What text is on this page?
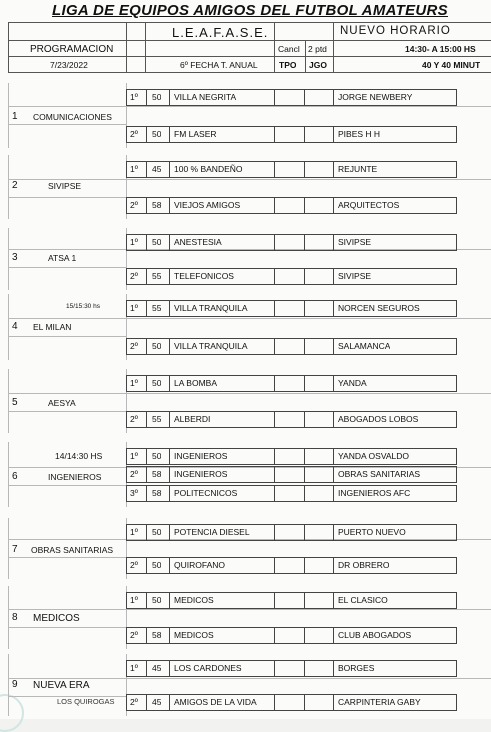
LIGA DE EQUIPOS AMIGOS DEL FUTBOL AMATEURS
PROGRAMACION
7/23/2022
L.E.A.F.A.S.E.
6º FECHA T. ANUAL
Cancl 2 ptd
TPO JGO
NUEVO HORARIO
14:30- A 15:00 HS
40 Y 40 MINUT
1 COMUNICACIONES
1º 50 VILLA NEGRITA	JORGE NEWBERY
2º 50 FM LASER	PIBES H H
2	SIVIPSE
1º 45 100 % BANDEÑO	REJUNTE
2º 58 VIEJOS AMIGOS	ARQUITECTOS
3	ATSA 1
1º 50 ANESTESIA	SIVIPSE
2º 55 TELEFONICOS	SIVIPSE
4 EL MILAN
15/15:30 hs	1º 55 VILLA TRANQUILA	NORCEN SEGUROS
2º 50 VILLA TRANQUILA	SALAMANCA
5	AESYA
1º 50 LA BOMBA	YANDA
2º 55 ALBERDI	ABOGADOS LOBOS
6	INGENIEROS
14/14:30 HS	1º 50 INGENIEROS	YANDA OSVALDO
2º 58 INGENIEROS	OBRAS SANITARIAS
3º 58 POLITECNICOS	INGENIEROS AFC
7 OBRAS SANITARIAS
1º 50 POTENCIA DIESEL	PUERTO NUEVO
2º 50 QUIROFANO	DR OBRERO
8 MEDICOS
1º 50 MEDICOS	EL CLASICO
2º 58 MEDICOS	CLUB ABOGADOS
9 NUEVA ERA
LOS QUIROGAS
1º 45 LOS CARDONES	BORGES
2º 45 AMIGOS DE LA VIDA	CARPINTERIA GABY
